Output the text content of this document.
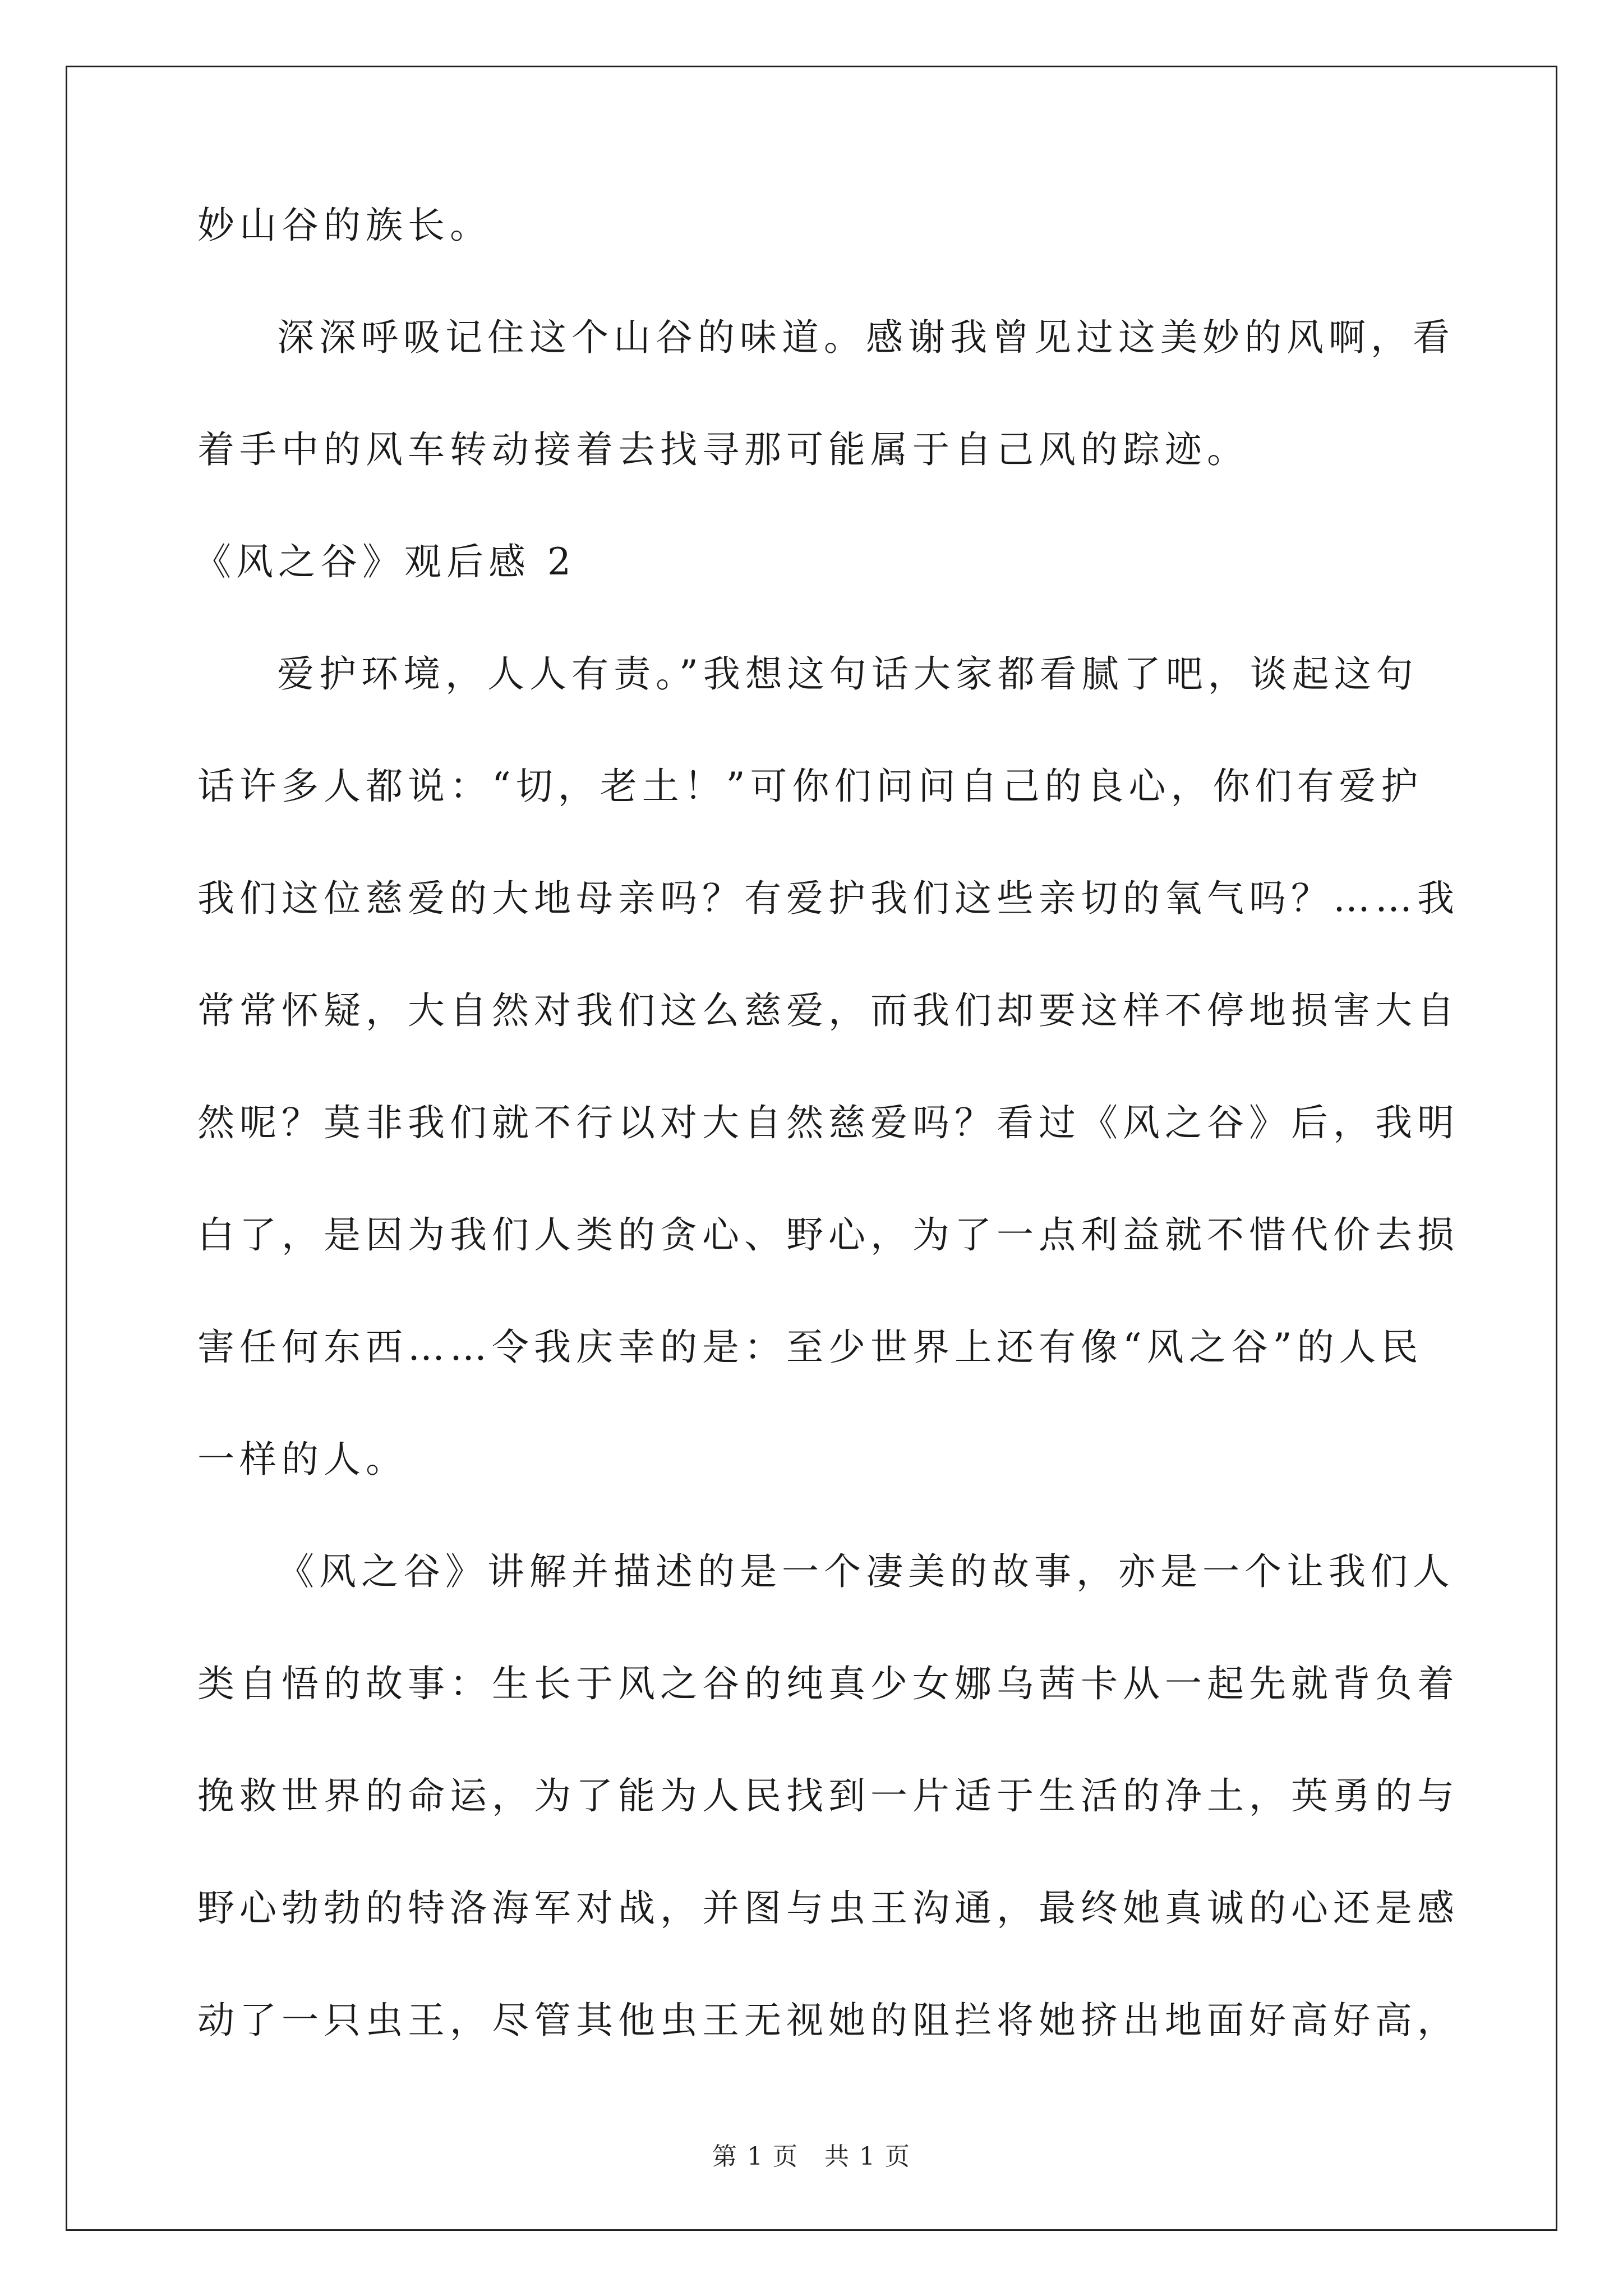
妙山谷的族长。
深深呼吸记住这个山谷的味道。感谢我曾见过这美妙的风啊，看
着手中的风车转动接着去找寻那可能属于自己风的踪迹。
《风之谷》观后感 2
爱护环境，人人有责。”我想这句话大家都看腻了吧，谈起这句
话许多人都说：“切，老土！”可你们问问自己的良心，你们有爱护
我们这位慈爱的大地母亲吗？有爱护我们这些亲切的氧气吗？……我
常常怀疑，大自然对我们这么慈爱，而我们却要这样不停地损害大自
然呢？莫非我们就不行以对大自然慈爱吗？看过《风之谷》后，我明
白了，是因为我们人类的贪心、野心，为了一点利益就不惜代价去损
害任何东西……令我庆幸的是：至少世界上还有像“风之谷”的人民
一样的人。
《风之谷》讲解并描述的是一个凄美的故事，亦是一个让我们人
类自悟的故事：生长于风之谷的纯真少女娜乌茜卡从一起先就背负着
挽救世界的命运，为了能为人民找到一片适于生活的净土，英勇的与
野心勃勃的特洛海军对战，并图与虫王沟通，最终她真诚的心还是感
动了一只虫王，尽管其他虫王无视她的阻拦将她挤出地面好高好高，
第 1 页　共 1 页
